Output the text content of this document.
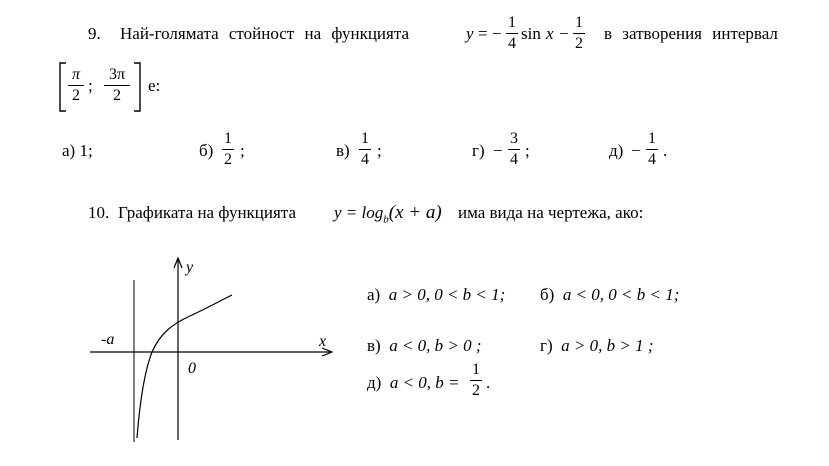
9. Най-голямата стойност на функцията	y = −
1
4
sin x −
1
2
в затворения интервал
π
2
;
3π
2
е:
а) 1;	б)
1
2 ;	в)
1
4 ;	г) −
3
4 ;	д) −
1
4 .
10. Графиката на функцията $y = \log_b(x + a)$ има вида на чертежа, ако:
y
x
-a
0
а) a > 0, 0 < b < 1; б) a < 0, 0 < b < 1;
в) a < 0, b > 0 ;	г) a > 0, b > 1 ;
д) a < 0, b =
1
2 .
